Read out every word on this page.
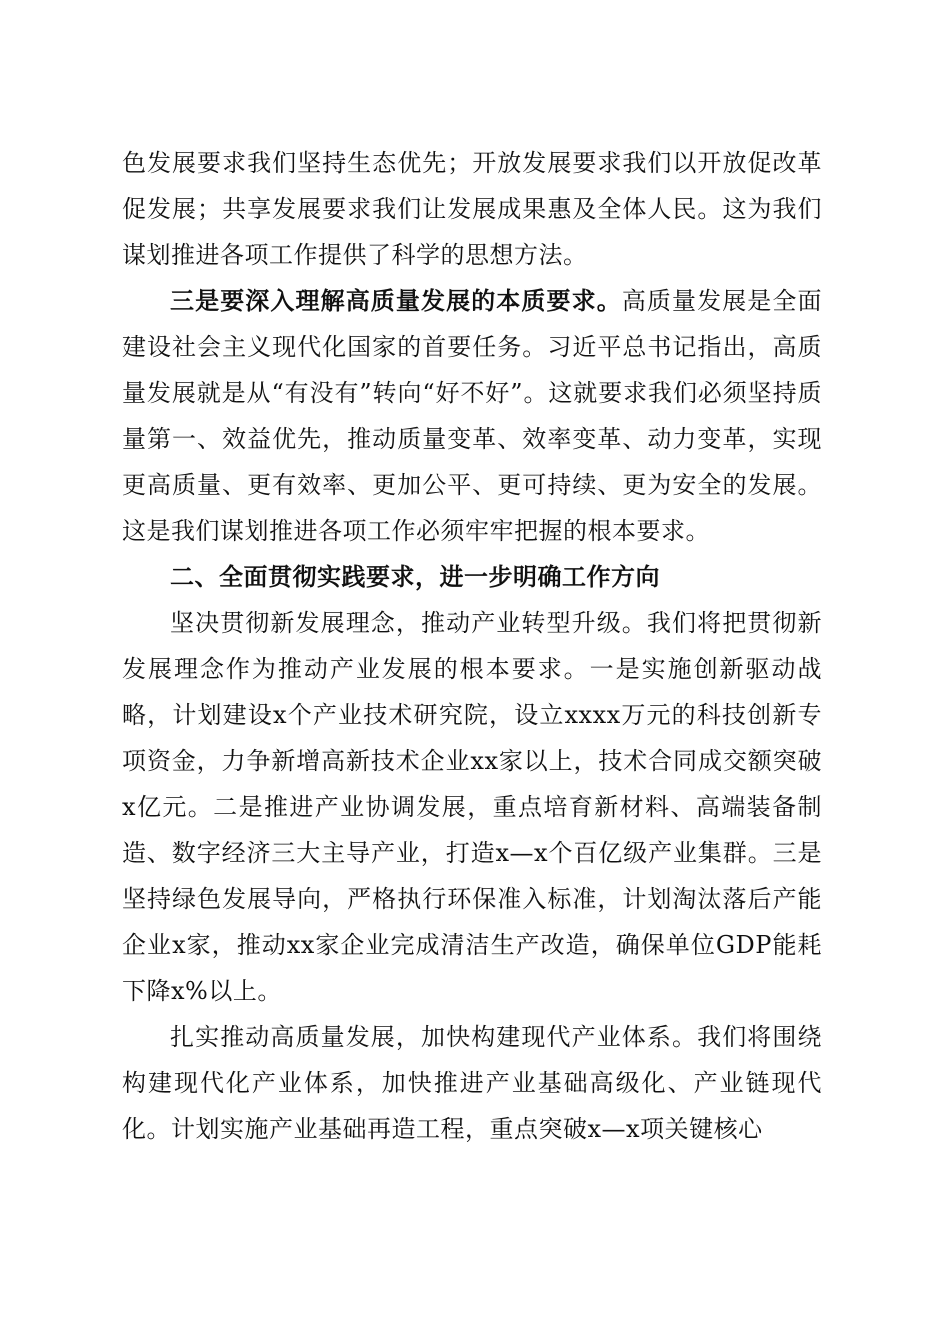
色发展要求我们坚持生态优先；开放发展要求我们以开放促改革促发展；共享发展要求我们让发展成果惠及全体人民。这为我们谋划推进各项工作提供了科学的思想方法。

三是要深入理解高质量发展的本质要求。高质量发展是全面建设社会主义现代化国家的首要任务。习近平总书记指出，高质量发展就是从“有没有”转向“好不好”。这就要求我们必须坚持质量第一、效益优先，推动质量变革、效率变革、动力变革，实现更高质量、更有效率、更加公平、更可持续、更为安全的发展。这是我们谋划推进各项工作必须牢牢把握的根本要求。

二、全面贯彻实践要求，进一步明确工作方向

坚决贯彻新发展理念，推动产业转型升级。我们将把贯彻新发展理念作为推动产业发展的根本要求。一是实施创新驱动战略，计划建设x个产业技术研究院，设立xxxx万元的科技创新专项资金，力争新增高新技术企业xx家以上，技术合同成交额突破x亿元。二是推进产业协调发展，重点培育新材料、高端装备制造、数字经济三大主导产业，打造x—x个百亿级产业集群。三是坚持绿色发展导向，严格执行环保准入标准，计划淘汰落后产能企业x家，推动xx家企业完成清洁生产改造，确保单位GDP能耗下降x%以上。

扎实推动高质量发展，加快构建现代产业体系。我们将围绕构建现代化产业体系，加快推进产业基础高级化、产业链现代化。计划实施产业基础再造工程，重点突破x—x项关键核心
